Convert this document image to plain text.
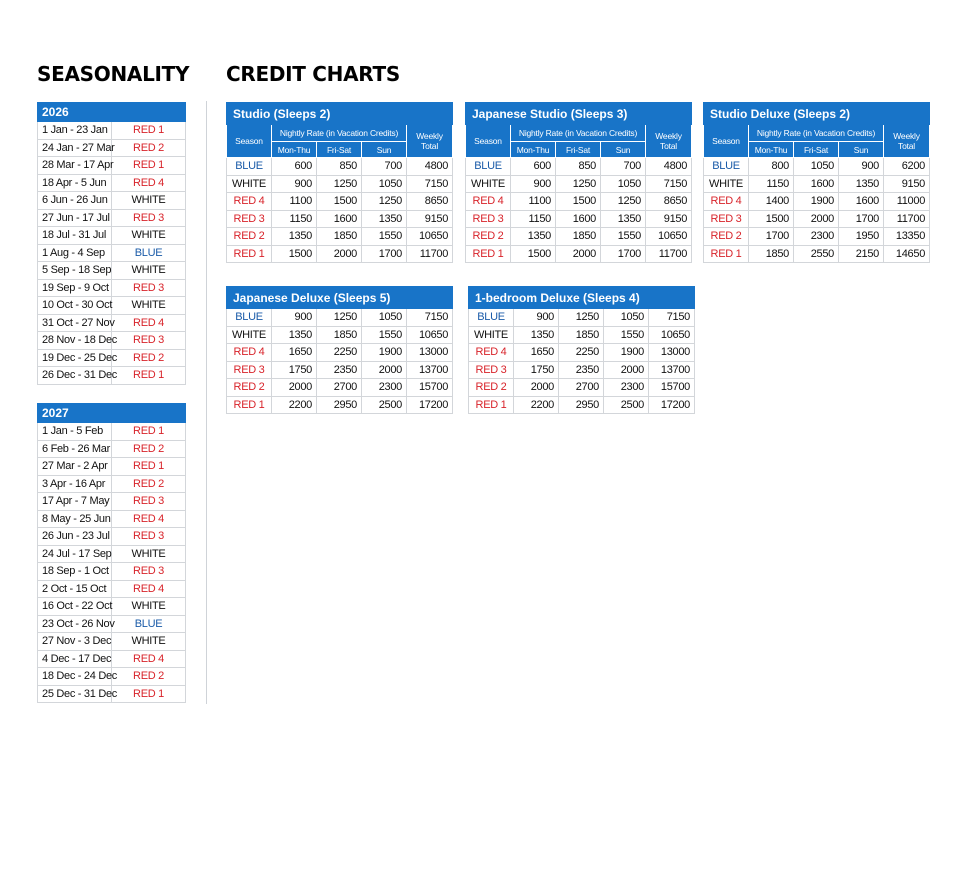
SEASONALITY CREDIT CHARTS
2026	
1 Jan - 23 Jan	RED 1
24 Jan - 27 Mar	RED 2
28 Mar - 17 Apr	RED 1
18 Apr - 5 Jun	RED 4
6 Jun - 26 Jun	WHITE
27 Jun - 17 Jul	RED 3
18 Jul - 31 Jul	WHITE
1 Aug - 4 Sep	BLUE
5 Sep - 18 Sep	WHITE
19 Sep - 9 Oct	RED 3
10 Oct - 30 Oct	WHITE
31 Oct - 27 Nov	RED 4
28 Nov - 18 Dec	RED 3
19 Dec - 25 Dec	RED 2
26 Dec - 31 Dec	RED 1
2027	
1 Jan - 5 Feb	RED 1
6 Feb - 26 Mar	RED 2
27 Mar - 2 Apr	RED 1
3 Apr - 16 Apr	RED 2
17 Apr - 7 May	RED 3
8 May - 25 Jun	RED 4
26 Jun - 23 Jul	RED 3
24 Jul - 17 Sep	WHITE
18 Sep - 1 Oct	RED 3
2 Oct - 15 Oct	RED 4
16 Oct - 22 Oct	WHITE
23 Oct - 26 Nov	BLUE
27 Nov - 3 Dec	WHITE
4 Dec - 17 Dec	RED 4
18 Dec - 24 Dec	RED 2
25 Dec - 31 Dec	RED 1
Studio (Sleeps 2)				
Season	Nightly Rate (in Vacation Credits)			Weekly
Total
	Mon-Thu	Fri-Sat	Sun	
BLUE	600	850	700	4800
WHITE	900	1250	1050	7150
RED 4	1100	1500	1250	8650
RED 3	1150	1600	1350	9150
RED 2	1350	1850	1550	10650
RED 1	1500	2000	1700	11700
Japanese Studio (Sleeps 3)				
Season	Nightly Rate (in Vacation Credits)			Weekly
Total
	Mon-Thu	Fri-Sat	Sun	
BLUE	600	850	700	4800
WHITE	900	1250	1050	7150
RED 4	1100	1500	1250	8650
RED 3	1150	1600	1350	9150
RED 2	1350	1850	1550	10650
RED 1	1500	2000	1700	11700
Studio Deluxe (Sleeps 2)				
Season	Nightly Rate (in Vacation Credits)			Weekly
Total
	Mon-Thu	Fri-Sat	Sun	
BLUE	800	1050	900	6200
WHITE	1150	1600	1350	9150
RED 4	1400	1900	1600	11000
RED 3	1500	2000	1700	11700
RED 2	1700	2300	1950	13350
RED 1	1850	2550	2150	14650
Japanese Deluxe (Sleeps 5)				
BLUE	900	1250	1050	7150
WHITE	1350	1850	1550	10650
RED 4	1650	2250	1900	13000
RED 3	1750	2350	2000	13700
RED 2	2000	2700	2300	15700
RED 1	2200	2950	2500	17200
1-bedroom Deluxe (Sleeps 4)				
BLUE	900	1250	1050	7150
WHITE	1350	1850	1550	10650
RED 4	1650	2250	1900	13000
RED 3	1750	2350	2000	13700
RED 2	2000	2700	2300	15700
RED 1	2200	2950	2500	17200
